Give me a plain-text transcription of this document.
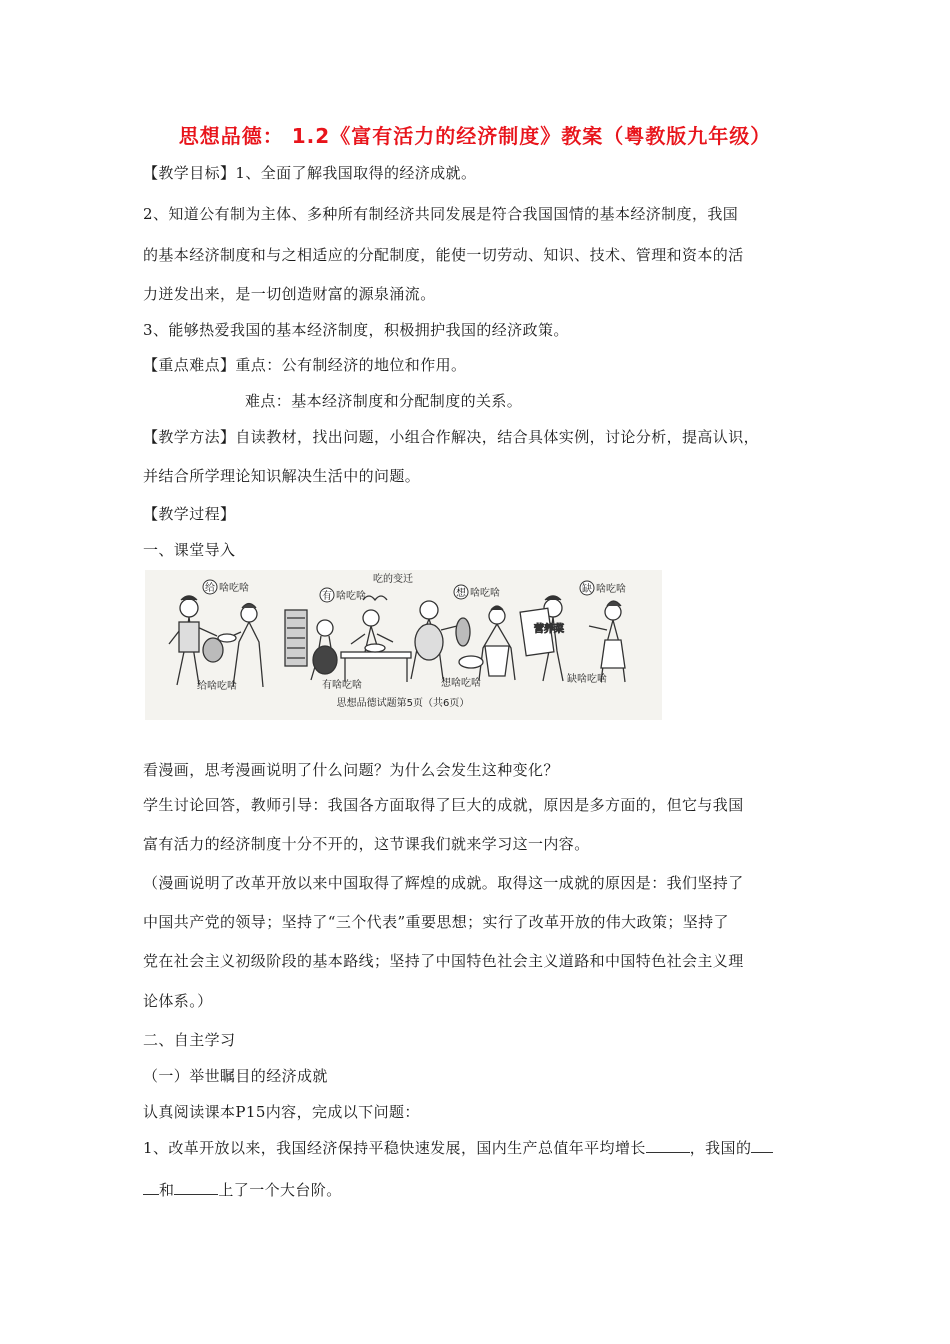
思想品德： 1.2《富有活力的经济制度》教案（粤教版九年级）
【教学目标】1、全面了解我国取得的经济成就。
2、知道公有制为主体、多种所有制经济共同发展是符合我国国情的基本经济制度，我国
的基本经济制度和与之相适应的分配制度，能使一切劳动、知识、技术、管理和资本的活
力迸发出来，是一切创造财富的源泉涌流。
3、能够热爱我国的基本经济制度，积极拥护我国的经济政策。
【重点难点】重点：公有制经济的地位和作用。
难点：基本经济制度和分配制度的关系。
【教学方法】自读教材，找出问题，小组合作解决，结合具体实例，讨论分析，提高认识，
并结合所学理论知识解决生活中的问题。
【教学过程】
一、课堂导入
吃的变迁
给 啥吃啥
给啥吃啥
有 啥吃啥
有啥吃啥
想 啥吃啥
想啥吃啥
营养菜
缺 啥吃啥
缺啥吃啥
思想品德试题第5页（共6页）
看漫画，思考漫画说明了什么问题？为什么会发生这种变化？
学生讨论回答，教师引导：我国各方面取得了巨大的成就，原因是多方面的，但它与我国
富有活力的经济制度十分不开的，这节课我们就来学习这一内容。
（漫画说明了改革开放以来中国取得了辉煌的成就。取得这一成就的原因是：我们坚持了
中国共产党的领导；坚持了“三个代表”重要思想；实行了改革开放的伟大政策；坚持了
党在社会主义初级阶段的基本路线；坚持了中国特色社会主义道路和中国特色社会主义理
论体系。）
二、自主学习
（一）举世瞩目的经济成就
认真阅读课本P15内容，完成以下问题：
1、改革开放以来，我国经济保持平稳快速发展，国内生产总值年平均增长	，我国的
和	上了一个大台阶。
